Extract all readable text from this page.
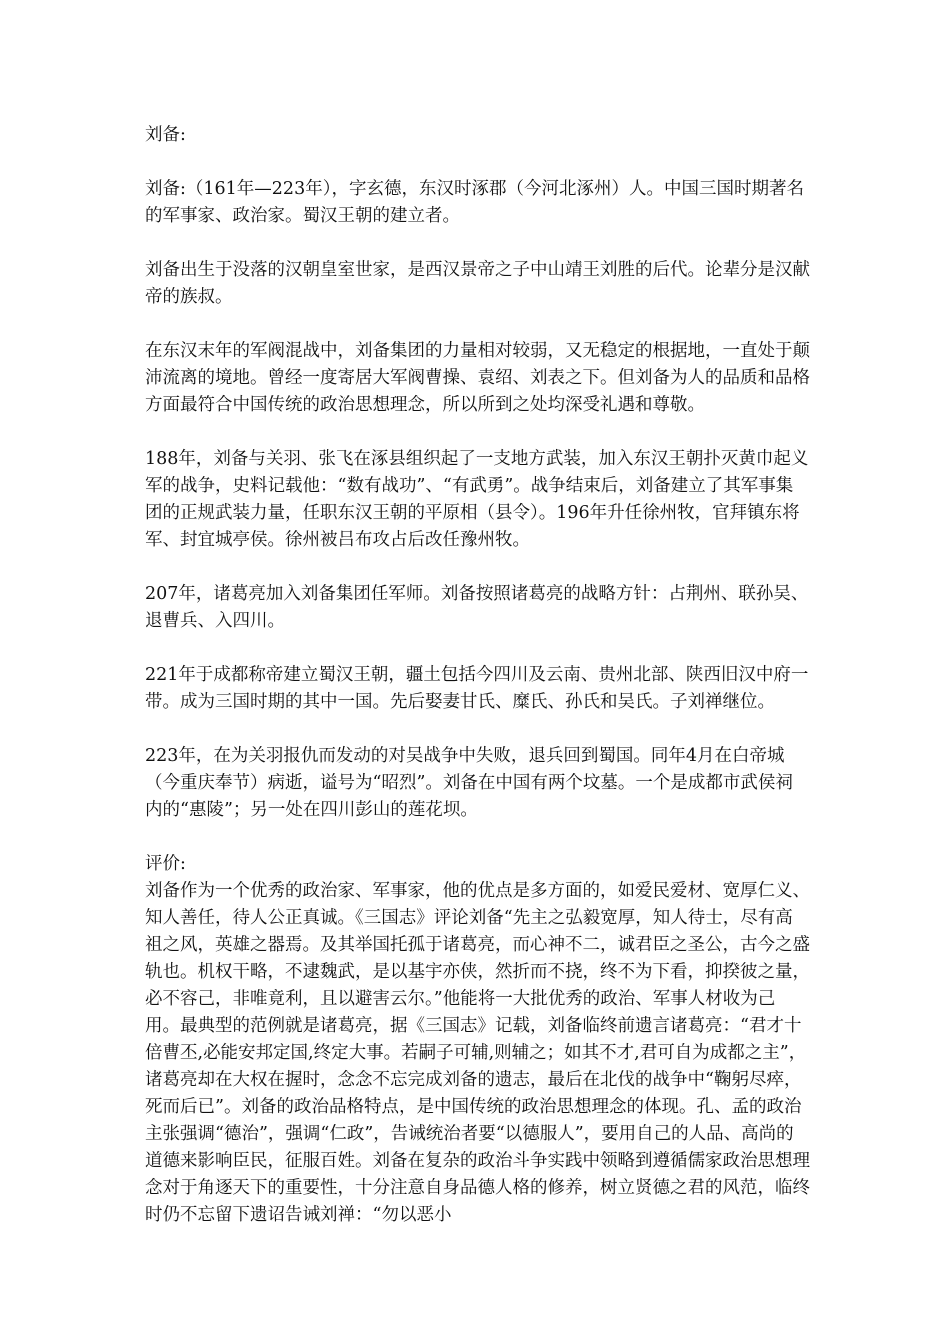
刘备:

刘备:（161年—223年），字玄德，东汉时涿郡（今河北涿州）人。中国三国时期著名的军事家、政治家。蜀汉王朝的建立者。

刘备出生于没落的汉朝皇室世家，是西汉景帝之子中山靖王刘胜的后代。论辈分是汉献帝的族叔。

在东汉末年的军阀混战中，刘备集团的力量相对较弱，又无稳定的根据地，一直处于颠沛流离的境地。曾经一度寄居大军阀曹操、袁绍、刘表之下。但刘备为人的品质和品格方面最符合中国传统的政治思想理念，所以所到之处均深受礼遇和尊敬。

188年，刘备与关羽、张飞在涿县组织起了一支地方武装，加入东汉王朝扑灭黄巾起义军的战争，史料记载他：“数有战功”、“有武勇”。战争结束后，刘备建立了其军事集团的正规武装力量，任职东汉王朝的平原相（县令）。196年升任徐州牧，官拜镇东将军、封宜城亭侯。徐州被吕布攻占后改任豫州牧。

207年，诸葛亮加入刘备集团任军师。刘备按照诸葛亮的战略方针：占荆州、联孙吴、退曹兵、入四川。

221年于成都称帝建立蜀汉王朝，疆土包括今四川及云南、贵州北部、陕西旧汉中府一带。成为三国时期的其中一国。先后娶妻甘氏、糜氏、孙氏和吴氏。子刘禅继位。

223年，在为关羽报仇而发动的对吴战争中失败，退兵回到蜀国。同年4月在白帝城（今重庆奉节）病逝，谥号为“昭烈”。刘备在中国有两个坟墓。一个是成都市武侯祠内的“惠陵”；另一处在四川彭山的莲花坝。

评价:

刘备作为一个优秀的政治家、军事家，他的优点是多方面的，如爱民爱材、宽厚仁义、知人善任，待人公正真诚。《三国志》评论刘备“先主之弘毅宽厚，知人待士，尽有高祖之风，英雄之器焉。及其举国托孤于诸葛亮，而心神不二，诚君臣之圣公，古今之盛轨也。机权干略，不逮魏武，是以基宇亦侠，然折而不挠，终不为下看，抑揆彼之量，必不容己，非唯竟利，且以避害云尔。”他能将一大批优秀的政治、军事人材收为己用。最典型的范例就是诸葛亮，据《三国志》记载，刘备临终前遗言诸葛亮：“君才十倍曹丕,必能安邦定国,终定大事。若嗣子可辅,则辅之；如其不才,君可自为成都之主”，诸葛亮却在大权在握时，念念不忘完成刘备的遗志，最后在北伐的战争中“鞠躬尽瘁，死而后已”。刘备的政治品格特点，是中国传统的政治思想理念的体现。孔、孟的政治主张强调“德治”，强调“仁政”，告诫统治者要“以德服人”，要用自己的人品、高尚的道德来影响臣民，征服百姓。刘备在复杂的政治斗争实践中领略到遵循儒家政治思想理念对于角逐天下的重要性，十分注意自身品德人格的修养，树立贤德之君的风范，临终时仍不忘留下遗诏告诫刘禅：“勿以恶小
